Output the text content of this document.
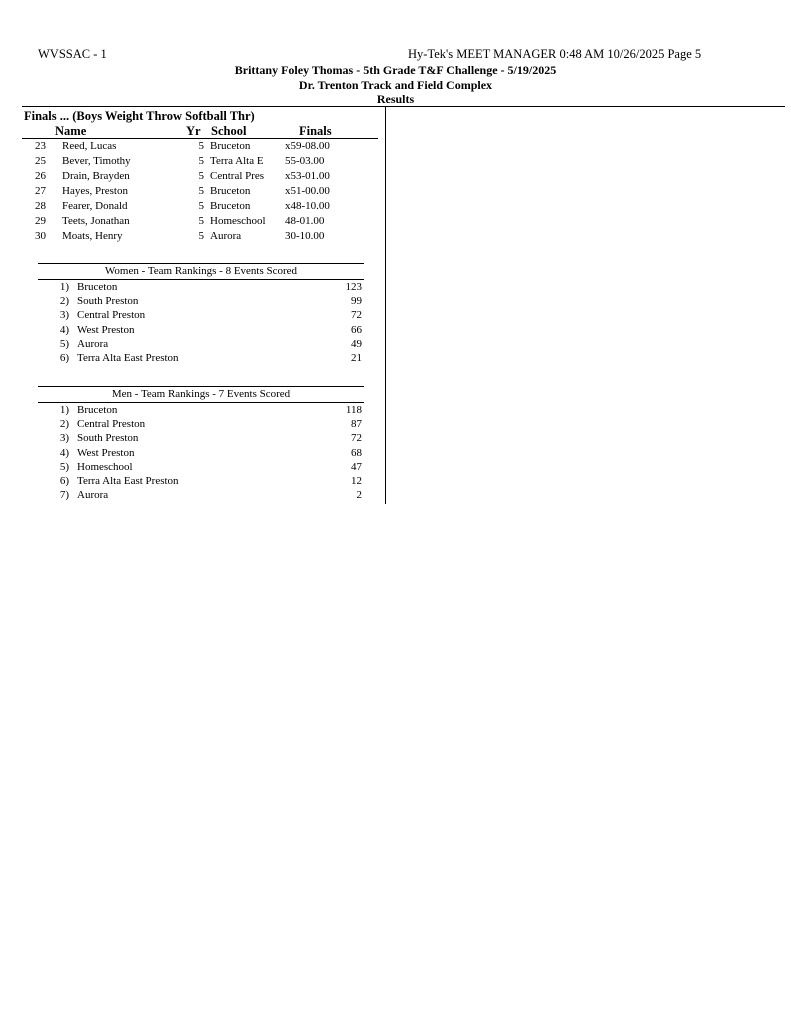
WVSSAC - 1	Hy-Tek's MEET MANAGER 0:48 AM 10/26/2025 Page 5
Brittany Foley Thomas - 5th Grade T&F Challenge - 5/19/2025
Dr. Trenton Track and Field Complex
Results
Finals ... (Boys Weight Throw Softball Thr)
Name	Yr School	Finals
23 Reed, Lucas	5 Bruceton	x59-08.00
25 Bever, Timothy	5 Terra Alta E 55-03.00
26 Drain, Brayden	5 Central Pres x53-01.00
27 Hayes, Preston	5 Bruceton	x51-00.00
28 Fearer, Donald	5 Bruceton	x48-10.00
29 Teets, Jonathan	5 Homeschool 48-01.00
30 Moats, Henry	5 Aurora	30-10.00
Women - Team Rankings - 8 Events Scored
1) Bruceton	123
2) South Preston	99
3) Central Preston	72
4) West Preston	66
5) Aurora	49
6) Terra Alta East Preston	21
Men - Team Rankings - 7 Events Scored
1) Bruceton	118
2) Central Preston	87
3) South Preston	72
4) West Preston	68
5) Homeschool	47
6) Terra Alta East Preston	12
7) Aurora	2
